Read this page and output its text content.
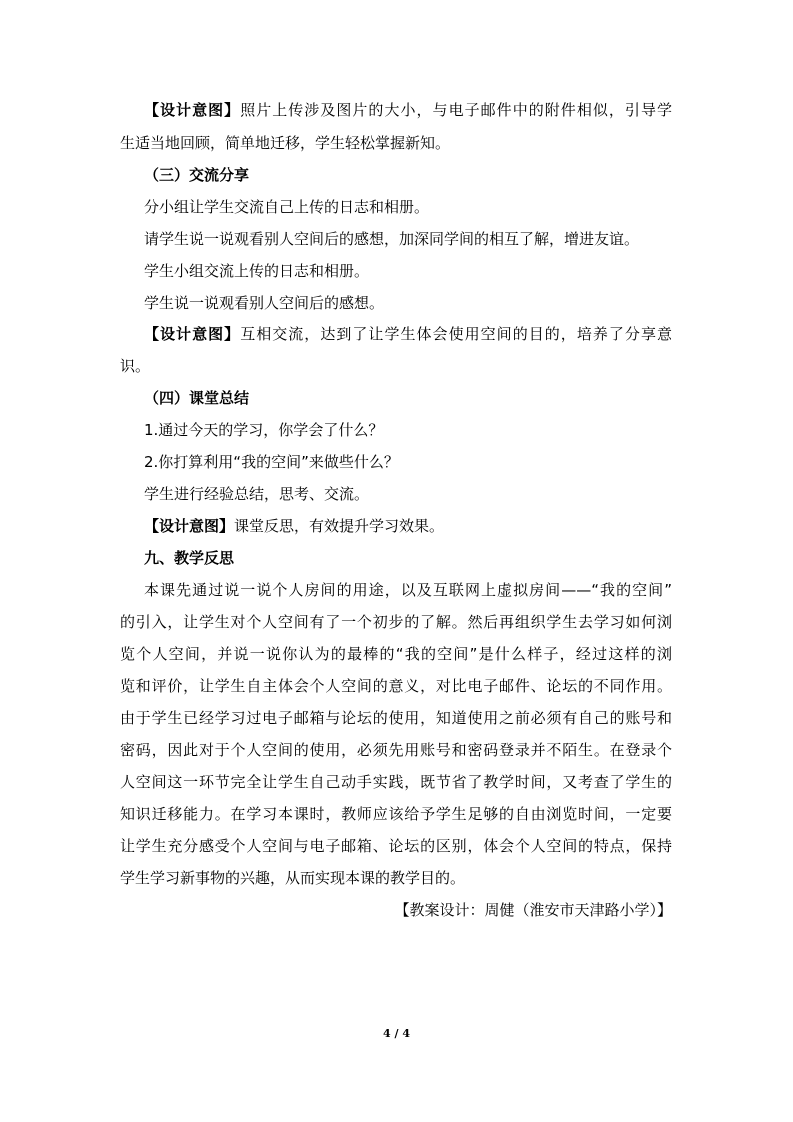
【设计意图】照片上传涉及图片的大小，与电子邮件中的附件相似，引导学
生适当地回顾，简单地迁移，学生轻松掌握新知。
（三）交流分享
分小组让学生交流自己上传的日志和相册。
请学生说一说观看别人空间后的感想，加深同学间的相互了解，增进友谊。
学生小组交流上传的日志和相册。
学生说一说观看别人空间后的感想。
【设计意图】互相交流，达到了让学生体会使用空间的目的，培养了分享意
识。
（四）课堂总结
1.通过今天的学习，你学会了什么？
2.你打算利用“我的空间”来做些什么？
学生进行经验总结，思考、交流。
【设计意图】课堂反思，有效提升学习效果。
九、教学反思
本课先通过说一说个人房间的用途，以及互联网上虚拟房间——“我的空间”
的引入，让学生对个人空间有了一个初步的了解。然后再组织学生去学习如何浏
览个人空间，并说一说你认为的最棒的“我的空间”是什么样子，经过这样的浏
览和评价，让学生自主体会个人空间的意义，对比电子邮件、论坛的不同作用。
由于学生已经学习过电子邮箱与论坛的使用，知道使用之前必须有自己的账号和
密码，因此对于个人空间的使用，必须先用账号和密码登录并不陌生。在登录个
人空间这一环节完全让学生自己动手实践，既节省了教学时间，又考查了学生的
知识迁移能力。在学习本课时，教师应该给予学生足够的自由浏览时间，一定要
让学生充分感受个人空间与电子邮箱、论坛的区别，体会个人空间的特点，保持
学生学习新事物的兴趣，从而实现本课的教学目的。
【教案设计：周健（淮安市天津路小学）】
4 / 4
